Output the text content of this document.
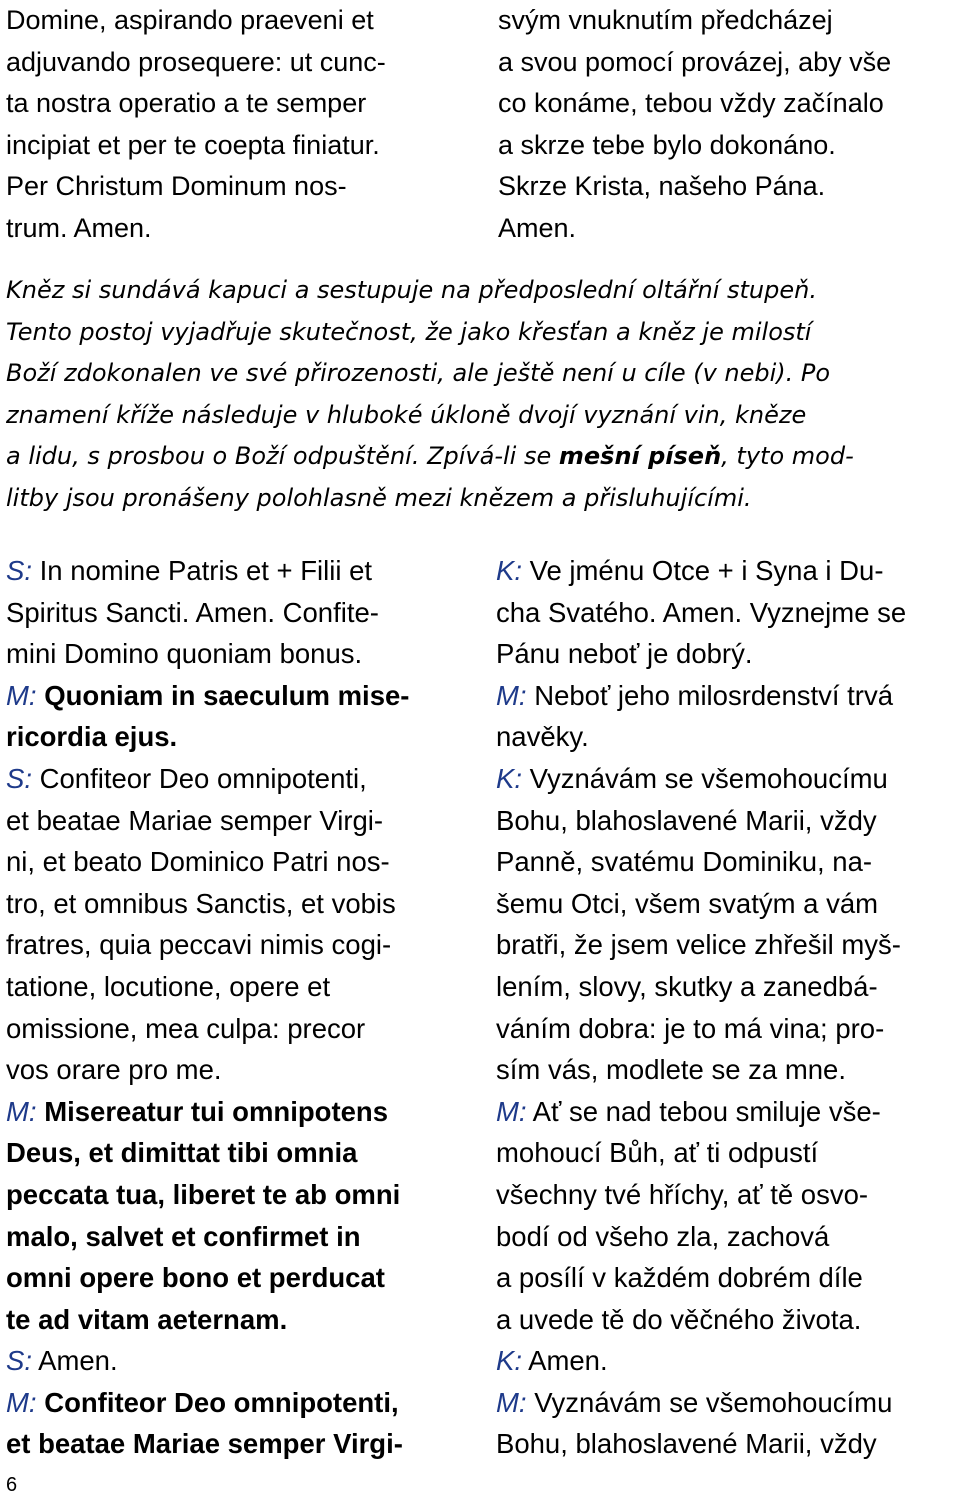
Domine, aspirando praeveni et
adjuvando prosequere: ut cunc-
ta nostra operatio a te semper
incipiat et per te coepta finiatur.
Per Christum Dominum nos-
trum. Amen.
svým vnuknutím předcházej
a svou pomocí provázej, aby vše
co konáme, tebou vždy začínalo
a skrze tebe bylo dokonáno.
Skrze Krista, našeho Pána.
Amen.
Kněz si sundává kapuci a sestupuje na předposlední oltářní stupeň.
Tento postoj vyjadřuje skutečnost, že jako křesťan a kněz je milostí
Boží zdokonalen ve své přirozenosti, ale ještě není u cíle (v nebi). Po
znamení kříže následuje v hluboké úkloně dvojí vyznání vin, kněze
a lidu, s prosbou o Boží odpuštění. Zpívá-li se mešní píseň, tyto mod-
litby jsou pronášeny polohlasně mezi knězem a přisluhujícími.
S: In nomine Patris et + Filii et
Spiritus Sancti. Amen. Confite-
mini Domino quoniam bonus.
M: Quoniam in saeculum mise-
ricordia ejus.
S: Confiteor Deo omnipotenti,
et beatae Mariae semper Virgi-
ni, et beato Dominico Patri nos-
tro, et omnibus Sanctis, et vobis
fratres, quia peccavi nimis cogi-
tatione, locutione, opere et
omissione, mea culpa: precor
vos orare pro me.
M: Misereatur tui omnipotens
Deus, et dimittat tibi omnia
peccata tua, liberet te ab omni
malo, salvet et confirmet in
omni opere bono et perducat
te ad vitam aeternam.
S: Amen.
M: Confiteor Deo omnipotenti,
et beatae Mariae semper Virgi-
K: Ve jménu Otce + i Syna i Du-
cha Svatého. Amen. Vyznejme se
Pánu neboť je dobrý.
M: Neboť jeho milosrdenství trvá
navěky.
K: Vyznávám se všemohoucímu
Bohu, blahoslavené Marii, vždy
Panně, svatému Dominiku, na-
šemu Otci, všem svatým a vám
bratři, že jsem velice zhřešil myš-
lením, slovy, skutky a zanedbá-
váním dobra: je to má vina; pro-
sím vás, modlete se za mne.
M: Ať se nad tebou smiluje vše-
mohoucí Bůh, ať ti odpustí
všechny tvé hříchy, ať tě osvo-
bodí od všeho zla, zachová
a posílí v každém dobrém díle
a uvede tě do věčného života.
K: Amen.
M: Vyznávám se všemohoucímu
Bohu, blahoslavené Marii, vždy
6
